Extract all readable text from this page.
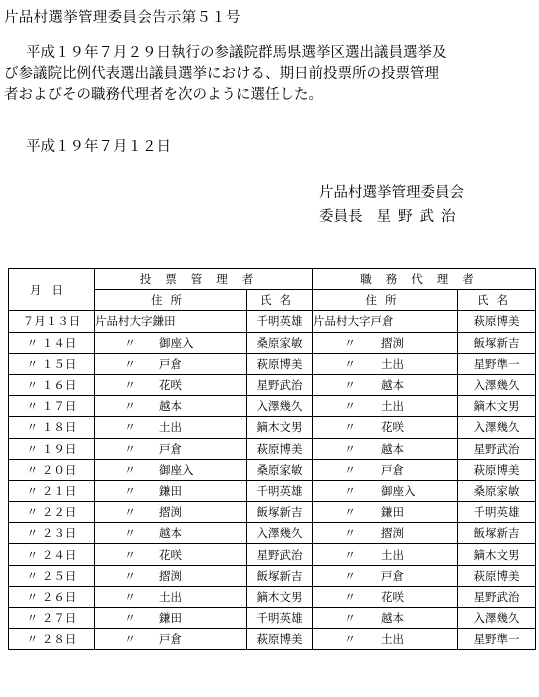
片品村選挙管理委員会告示第５１号
平成１９年７月２９日執行の参議院群馬県選挙区選出議員選挙及
び参議院比例代表選出議員選挙における、期日前投票所の投票管理
者およびその職務代理者を次のように選任した。
平成１９年７月１２日
片品村選挙管理委員会
委員長 星野武治
月日	投票管理者		職務代理者	
	住所	氏名	住所	氏名
７月１３日	片品村大字鎌田	千明英雄	片品村大字戸倉	萩原博美
〃 １４日	〃 御座入	桑原家敏	〃 摺渕	飯塚新吉
〃 １５日	〃 戸倉	萩原博美	〃 土出	星野準一
〃 １６日	〃 花咲	星野武治	〃 越本	入澤幾久
〃 １７日	〃 越本	入澤幾久	〃 土出	鏑木文男
〃 １８日	〃 土出	鏑木文男	〃 花咲	入澤幾久
〃 １９日	〃 戸倉	萩原博美	〃 越本	星野武治
〃 ２０日	〃 御座入	桑原家敏	〃 戸倉	萩原博美
〃 ２１日	〃 鎌田	千明英雄	〃 御座入	桑原家敏
〃 ２２日	〃 摺渕	飯塚新吉	〃 鎌田	千明英雄
〃 ２３日	〃 越本	入澤幾久	〃 摺渕	飯塚新吉
〃 ２４日	〃 花咲	星野武治	〃 土出	鏑木文男
〃 ２５日	〃 摺渕	飯塚新吉	〃 戸倉	萩原博美
〃 ２６日	〃 土出	鏑木文男	〃 花咲	星野武治
〃 ２７日	〃 鎌田	千明英雄	〃 越本	入澤幾久
〃 ２８日	〃 戸倉	萩原博美	〃 土出	星野準一
